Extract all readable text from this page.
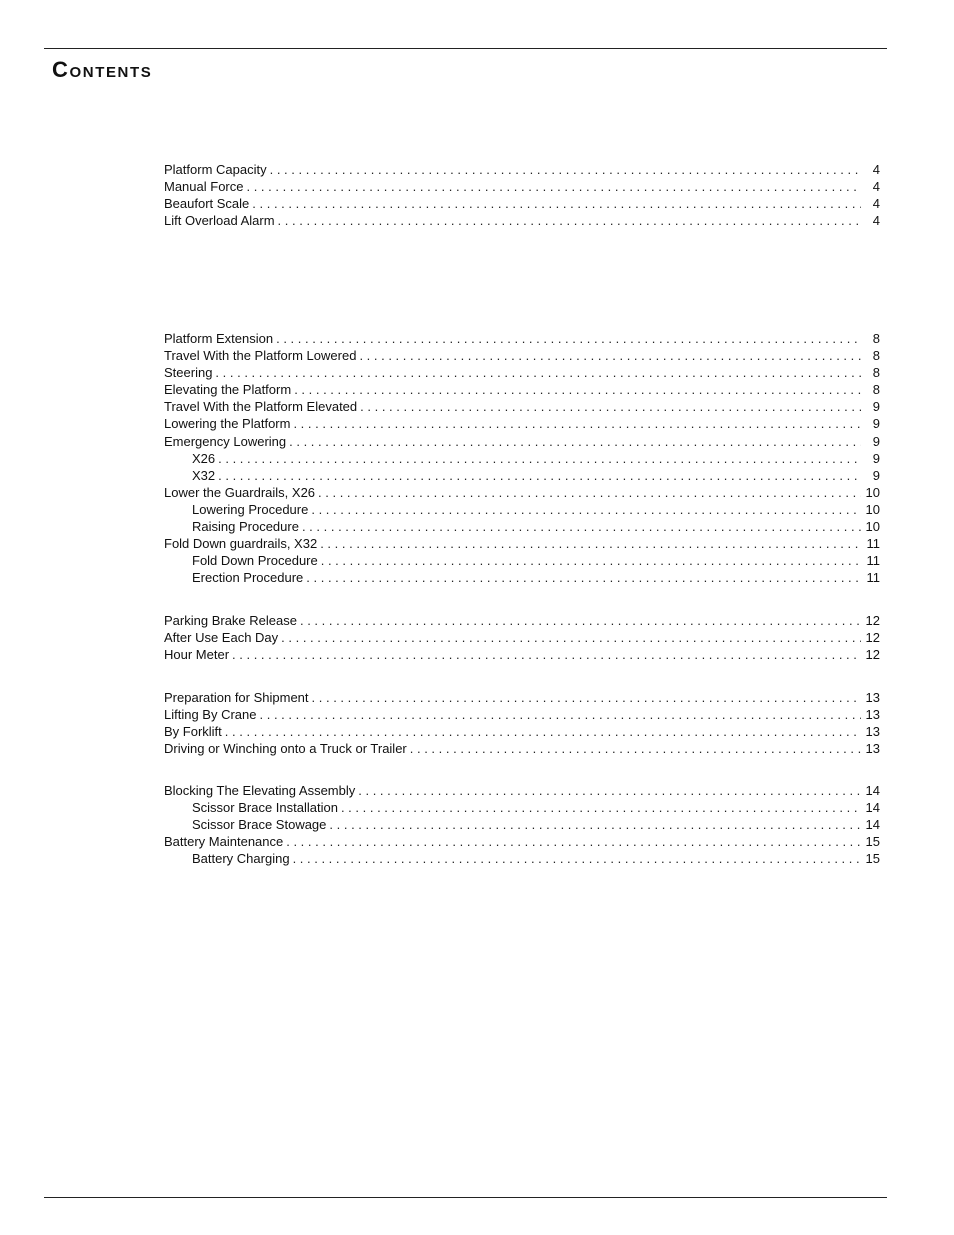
Contents
Platform Capacity . . .	4
Manual Force . . .	4
Beaufort Scale . . .	4
Lift Overload Alarm . . .	4
Platform Extension . . .	8
Travel With the Platform Lowered . . .	8
Steering . . .	8
Elevating the Platform . . .	8
Travel With the Platform Elevated . . .	9
Lowering the Platform . . .	9
Emergency Lowering . . .	9
X26 . . .	9
X32 . . .	9
Lower the Guardrails, X26 . . .	10
Lowering Procedure . . .	10
Raising Procedure . . .	10
Fold Down guardrails, X32 . . .	11
Fold Down Procedure . . .	11
Erection Procedure . . .	11
Parking Brake Release . . .	12
After Use Each Day . . .	12
Hour Meter . . .	12
Preparation for Shipment . . .	13
Lifting By Crane . . .	13
By Forklift . . .	13
Driving or Winching onto a Truck or Trailer . . .	13
Blocking The Elevating Assembly . . .	14
Scissor Brace Installation . . .	14
Scissor Brace Stowage . . .	14
Battery Maintenance . . .	15
Battery Charging . . .	15
